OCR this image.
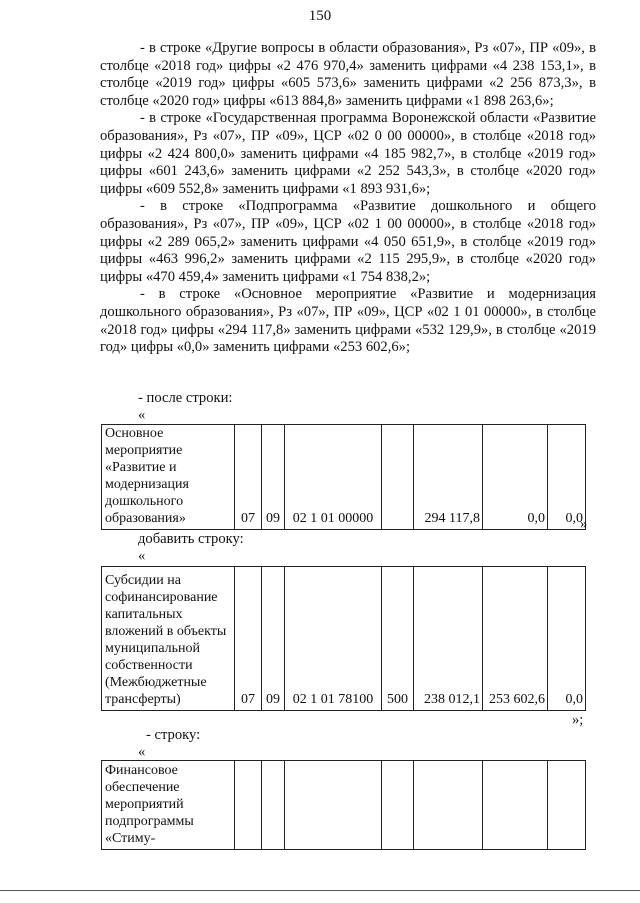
150

- в строке «Другие вопросы в области образования», Рз «07», ПР «09», в столбце «2018 год» цифры «2 476 970,4» заменить цифрами «4 238 153,1», в столбце «2019 год» цифры «605 573,6» заменить цифрами «2 256 873,3», в столбце «2020 год» цифры «613 884,8» заменить цифрами «1 898 263,6»;

- в строке «Государственная программа Воронежской области «Развитие образования», Рз «07», ПР «09», ЦСР «02 0 00 00000», в столбце «2018 год» цифры «2 424 800,0» заменить цифрами «4 185 982,7», в столбце «2019 год» цифры «601 243,6» заменить цифрами «2 252 543,3», в столбце «2020 год» цифры «609 552,8» заменить цифрами «1 893 931,6»;

- в строке «Подпрограмма «Развитие дошкольного и общего образования», Рз «07», ПР «09», ЦСР «02 1 00 00000», в столбце «2018 год» цифры «2 289 065,2» заменить цифрами «4 050 651,9», в столбце «2019 год» цифры «463 996,2» заменить цифрами «2 115 295,9», в столбце «2020 год» цифры «470 459,4» заменить цифрами «1 754 838,2»;

- в строке «Основное мероприятие «Развитие и модернизация дошкольного образования», Рз «07», ПР «09», ЦСР «02 1 01 00000», в столбце «2018 год» цифры «294 117,8» заменить цифрами «532 129,9», в столбце «2019 год» цифры «0,0» заменить цифрами «253 602,6»;

- после строки:
«
Основное мероприятие «Развитие и модернизация дошкольного образования»	07	09	02 1 01 00000		294 117,8	0,0	0,0
»
добавить строку:
«
Субсидии на софинансирование капитальных вложений в объекты муниципальной собственности (Межбюджетные трансферты)	07	09	02 1 01 78100	500	238 012,1	253 602,6	0,0
»;
- строку:
«
Финансовое обеспечение мероприятий подпрограммы «Стиму-							
